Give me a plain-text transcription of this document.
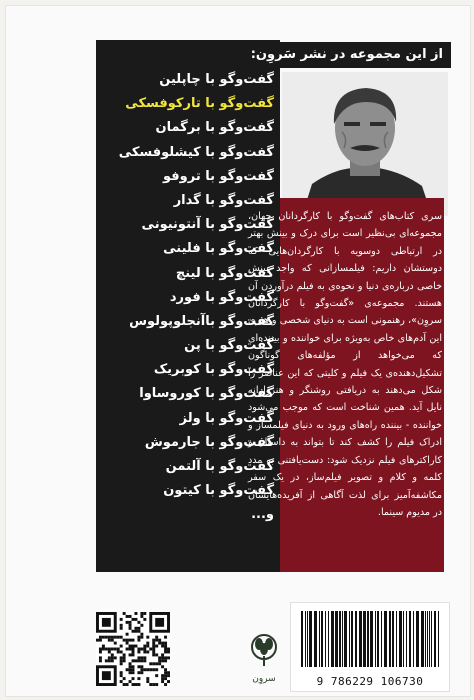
از این مجموعه در نشر سَروِن:
گفت‌وگو با چاپلین
گفت‌وگو با تارکوفسکی
گفت‌وگو با برگمان
گفت‌وگو با کیشلوفسکی
گفت‌وگو با تروفو
گفت‌وگو با گدار
گفت‌وگو با آنتونیونی
گفت‌وگو با فلینی
گفت‌وگو با لینچ
گفت‌وگو با فورد
گفت‌وگو باآنجلوپولوس
گفت‌وگو با پن
گفت‌وگو با کوبریک
گفت‌وگو با کوروساوا
گفت‌وگو با ولز
گفت‌وگو با جارموش
گفت‌وگو با آلتمن
گفت‌وگو با کیتون
و...

سری کتاب‌های گفت‌وگو با کارگردانان جهان، مجموعه‌ای بی‌نظیر است برای درک و بینش بهتر در ارتباطی دوسویه با کارگردان‌هایی که دوستشان داریم: فیلمسازانی که واجد بینش خاصی درباره‌ی دنیا و نحوه‌ی به فیلم درآوردن آن هستند. مجموعه‌ی «گفت‌وگو با کارگردانان سروِن»، رهنمونی است به دنیای شخصی و هنری این آدم‌های خاص به‌ویژه برای خواننده و بیننده‌ای که می‌خواهد از مؤلفه‌های گوناگون تشکیل‌دهنده‌ی یک فیلم و کلیتی که این عناصر را شکل می‌دهند به دریافتی روشنگر و هنروارانه نایل آید. همین شناخت است که موجب می‌شود خواننده - بیننده راه‌های ورود به دنیای فیلمساز و ادراک فیلم را کشف کند تا بتواند به داستان و کاراکترهای فیلم نزدیک شود: دست‌یافتنی به مدد کلمه و کلام و تصویر فیلم‌ساز، در یک سفر مکاشفه‌آمیز برای لذت آگاهی از آفریده‌هایشان در مدیوم سینما.

سروِن	9 786229 106730
